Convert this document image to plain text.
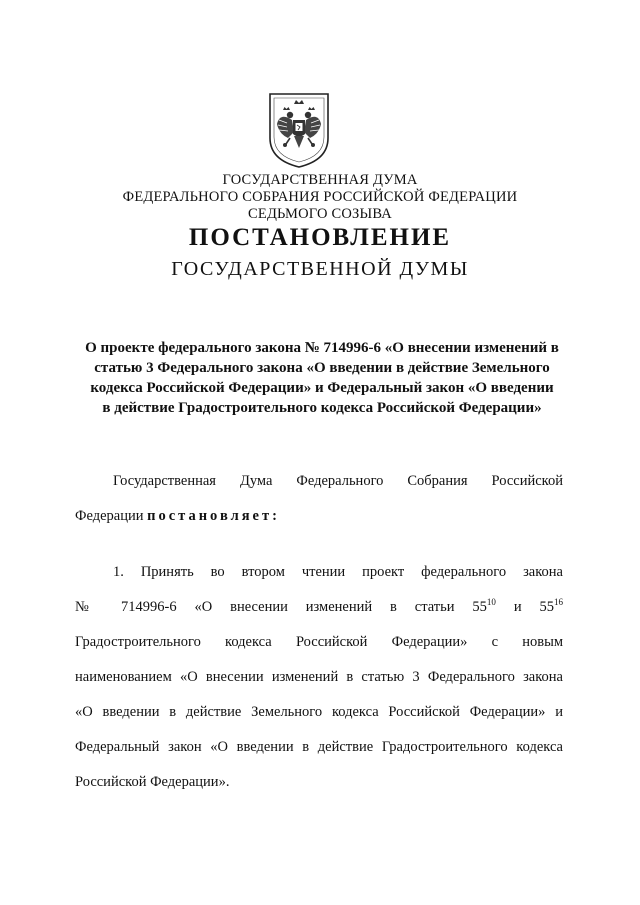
ГОСУДАРСТВЕННАЯ ДУМА
ФЕДЕРАЛЬНОГО СОБРАНИЯ РОССИЙСКОЙ ФЕДЕРАЦИИ
СЕДЬМОГО СОЗЫВА
ПОСТАНОВЛЕНИЕ
ГОСУДАРСТВЕННОЙ ДУМЫ
О проекте федерального закона № 714996-6 «О внесении изменений в
статью 3 Федерального закона «О введении в действие Земельного
кодекса Российской Федерации» и Федеральный закон «О введении
в действие Градостроительного кодекса Российской Федерации»
Государственная Дума Федерального Собрания Российской
Федерации постановляет:
1. Принять во втором чтении проект федерального закона
№ 714996-6 «О внесении изменений в статьи $55^{10}$ и $55^{16}$
Градостроительного кодекса Российской Федерации» с новым
наименованием «О внесении изменений в статью 3 Федерального закона
«О введении в действие Земельного кодекса Российской Федерации» и
Федеральный закон «О введении в действие Градостроительного кодекса
Российской Федерации».
